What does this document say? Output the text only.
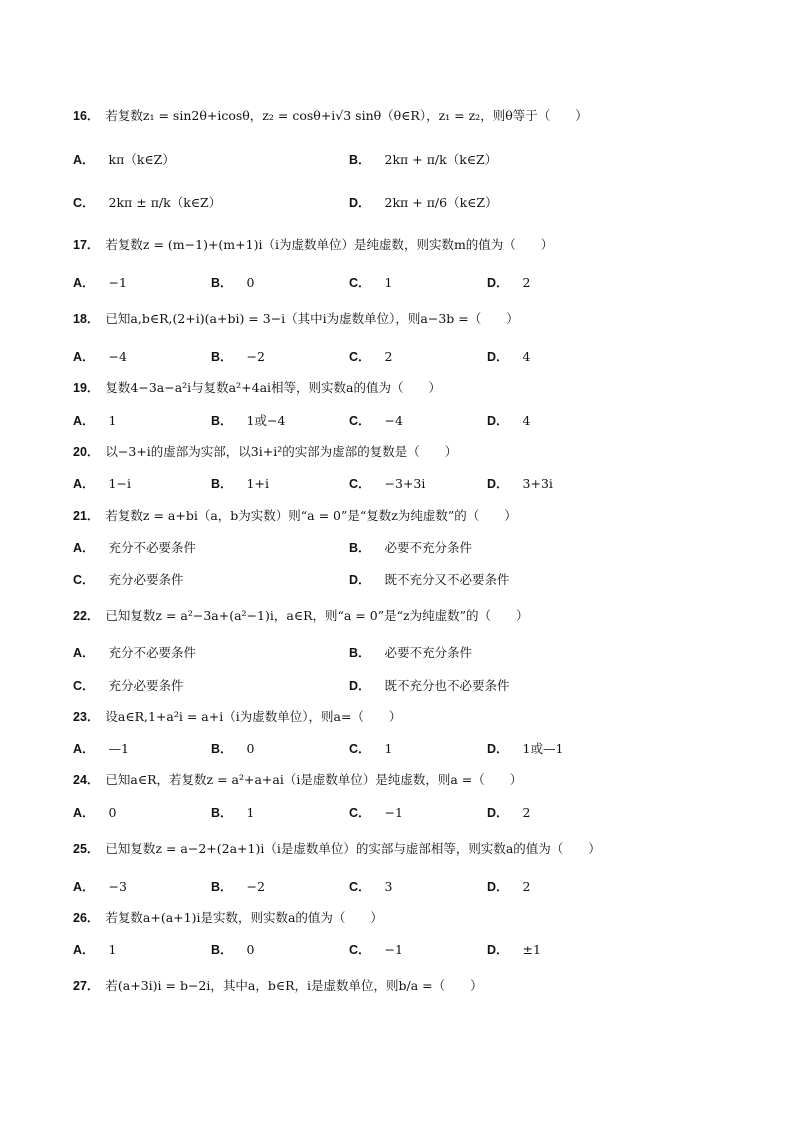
16． 若复数z₁ = sin2θ+icosθ，z₂ = cosθ+i√3 sinθ（θ∈R），z₁ = z₂，则θ等于（　　）
A． kπ（k∈Z）	B． 2kπ + π/k（k∈Z）
C． 2kπ ± π/k（k∈Z）	D． 2kπ + π/6（k∈Z）
17． 若复数z = (m−1)+(m+1)i（i为虚数单位）是纯虚数，则实数m的值为（　　）
A． −1	B． 0	C． 1	D． 2
18． 已知a,b∈R,(2+i)(a+bi) = 3−i（其中i为虚数单位），则a−3b =（　　）
A． −4	B． −2	C． 2	D． 4
19． 复数4−3a−a²i与复数a²+4ai相等，则实数a的值为（　　）
A． 1	B． 1或−4	C． −4	D． 4
20． 以−3+i的虚部为实部，以3i+i²的实部为虚部的复数是（　　）
A． 1−i	B． 1+i	C． −3+3i	D． 3+3i
21． 若复数z = a+bi（a，b为实数）则“a = 0”是“复数z为纯虚数”的（　　）
A． 充分不必要条件	B． 必要不充分条件
C． 充分必要条件	D． 既不充分又不必要条件
22． 已知复数z = a²−3a+(a²−1)i，a∈R，则“a = 0”是“z为纯虚数”的（　　）
A． 充分不必要条件	B． 必要不充分条件
C． 充分必要条件	D． 既不充分也不必要条件
23． 设a∈R,1+a²i = a+i（i为虚数单位），则a=（　　）
A． —1	B． 0	C． 1	D． 1或—1
24． 已知a∈R，若复数z = a²+a+ai（i是虚数单位）是纯虚数，则a =（　　）
A． 0	B． 1	C． −1	D． 2
25． 已知复数z = a−2+(2a+1)i（i是虚数单位）的实部与虚部相等，则实数a的值为（　　）
A． −3	B． −2	C． 3	D． 2
26． 若复数a+(a+1)i是实数，则实数a的值为（　　）
A． 1	B． 0	C． −1	D． ±1
27． 若(a+3i)i = b−2i，其中a，b∈R，i是虚数单位，则b/a =（　　）
